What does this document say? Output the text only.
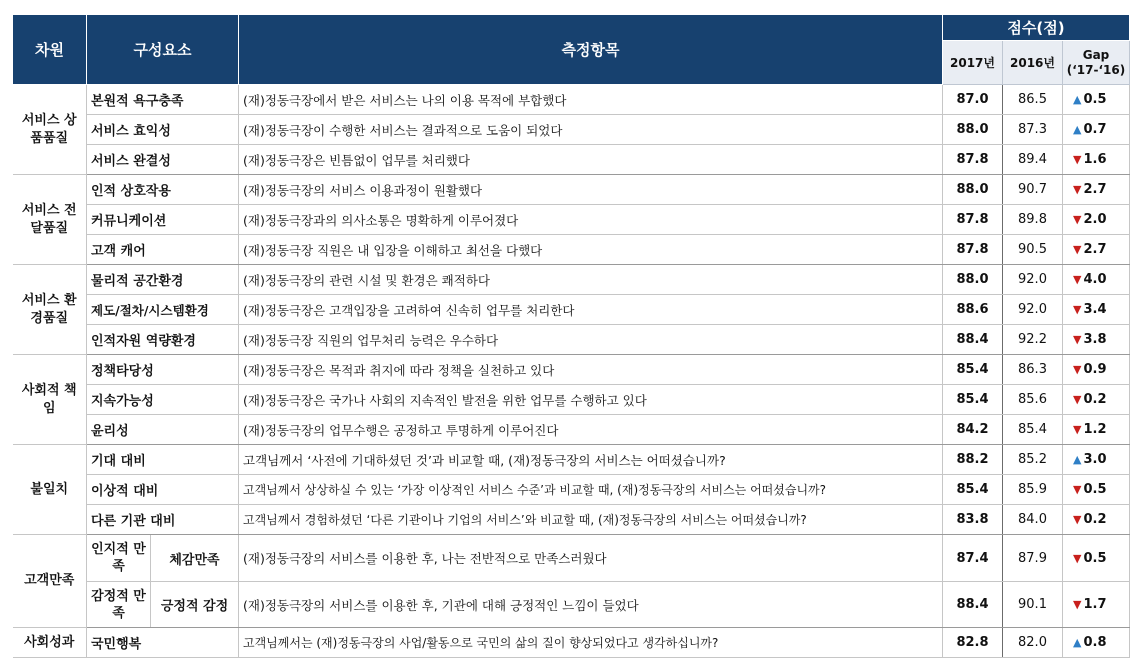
차원	구성요소		측정항목	점수(점)		
				2017년	2016년	Gap (‘17-‘16)
서비스 상품품질	본원적 욕구충족		(재)정동극장에서 받은 서비스는 나의 이용 목적에 부합했다	87.0	86.5	▲ 0.5
	서비스 효익성		(재)정동극장이 수행한 서비스는 결과적으로 도움이 되었다	88.0	87.3	▲ 0.7
	서비스 완결성		(재)정동극장은 빈틈없이 업무를 처리했다	87.8	89.4	▼ 1.6
서비스 전달품질	인적 상호작용		(재)정동극장의 서비스 이용과정이 원활했다	88.0	90.7	▼ 2.7
	커뮤니케이션		(재)정동극장과의 의사소통은 명확하게 이루어졌다	87.8	89.8	▼ 2.0
	고객 캐어		(재)정동극장 직원은 내 입장을 이해하고 최선을 다했다	87.8	90.5	▼ 2.7
서비스 환경품질	물리적 공간환경		(재)정동극장의 관련 시설 및 환경은 쾌적하다	88.0	92.0	▼ 4.0
	제도/절차/시스템환경		(재)정동극장은 고객입장을 고려하여 신속히 업무를 처리한다	88.6	92.0	▼ 3.4
	인적자원 역량환경		(재)정동극장 직원의 업무처리 능력은 우수하다	88.4	92.2	▼ 3.8
사회적 책임	정책타당성		(재)정동극장은 목적과 취지에 따라 정책을 실천하고 있다	85.4	86.3	▼ 0.9
	지속가능성		(재)정동극장은 국가나 사회의 지속적인 발전을 위한 업무를 수행하고 있다	85.4	85.6	▼ 0.2
	윤리성		(재)정동극장의 업무수행은 공정하고 투명하게 이루어진다	84.2	85.4	▼ 1.2
불일치	기대 대비		고객님께서 ‘사전에 기대하셨던 것’과 비교할 때, (재)정동극장의 서비스는 어떠셨습니까?	88.2	85.2	▲ 3.0
	이상적 대비		고객님께서 상상하실 수 있는 ‘가장 이상적인 서비스 수준’과 비교할 때, (재)정동극장의 서비스는 어떠셨습니까?	85.4	85.9	▼ 0.5
	다른 기관 대비		고객님께서 경험하셨던 ‘다른 기관이나 기업의 서비스’와 비교할 때, (재)정동극장의 서비스는 어떠셨습니까?	83.8	84.0	▼ 0.2
고객만족	인지적 만족	체감만족	(재)정동극장의 서비스를 이용한 후, 나는 전반적으로 만족스러웠다	87.4	87.9	▼ 0.5
	감정적 만족	긍정적 감정	(재)정동극장의 서비스를 이용한 후, 기관에 대해 긍정적인 느낌이 들었다	88.4	90.1	▼ 1.7
사회성과	국민행복		고객님께서는 (재)정동극장의 사업/활동으로 국민의 삶의 질이 향상되었다고 생각하십니까?	82.8	82.0	▲ 0.8
